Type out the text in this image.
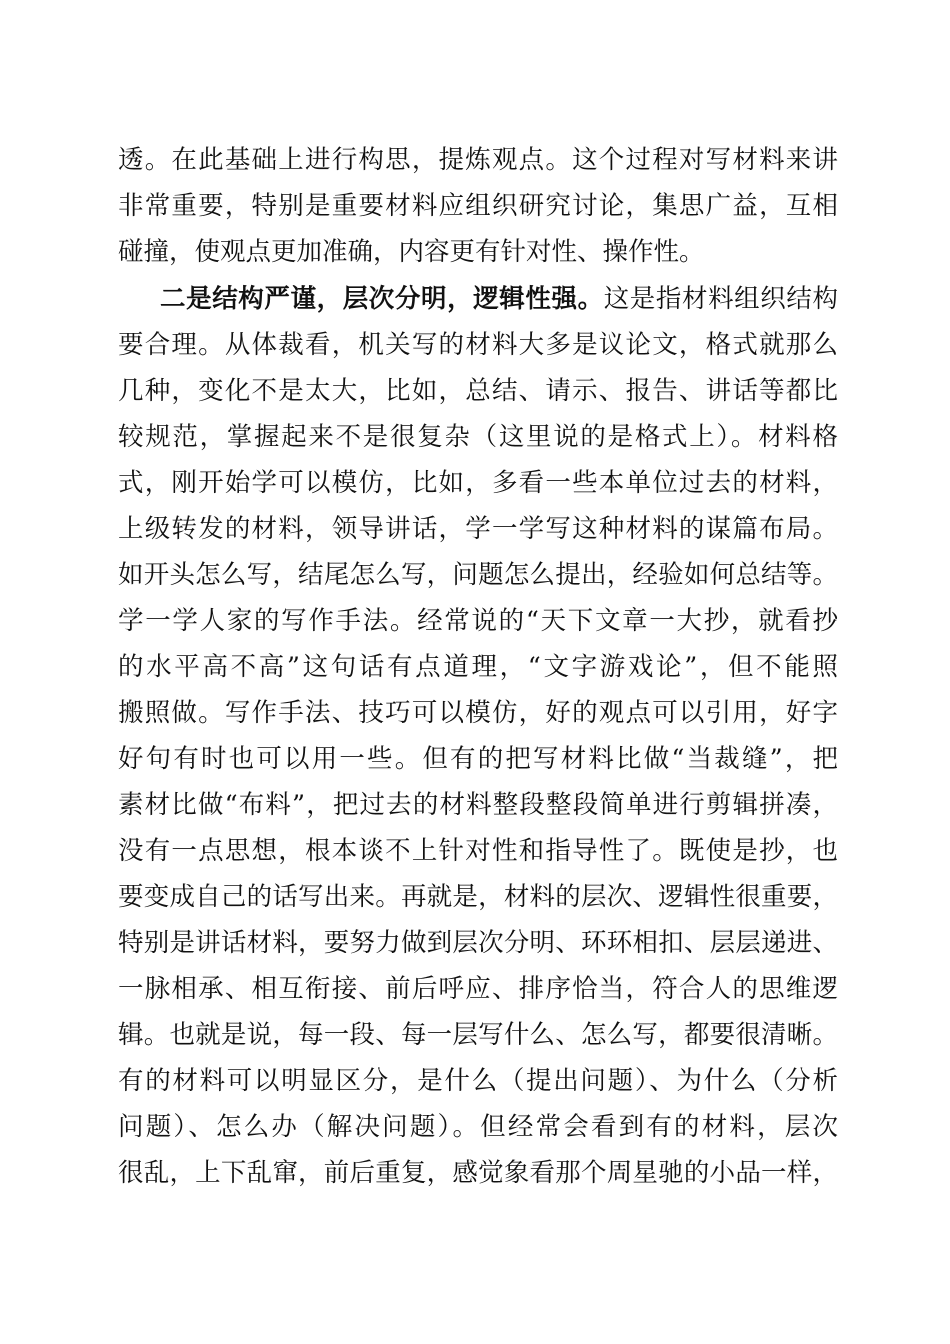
透。在此基础上进行构思，提炼观点。这个过程对写材料来讲
非常重要，特别是重要材料应组织研究讨论，集思广益，互相
碰撞，使观点更加准确，内容更有针对性、操作性。
二是结构严谨，层次分明，逻辑性强。这是指材料组织结构
要合理。从体裁看，机关写的材料大多是议论文，格式就那么
几种，变化不是太大，比如，总结、请示、报告、讲话等都比
较规范，掌握起来不是很复杂（这里说的是格式上）。材料格
式，刚开始学可以模仿，比如，多看一些本单位过去的材料，
上级转发的材料，领导讲话，学一学写这种材料的谋篇布局。
如开头怎么写，结尾怎么写，问题怎么提出，经验如何总结等。
学一学人家的写作手法。经常说的“天下文章一大抄，就看抄
的水平高不高”这句话有点道理，“文字游戏论”，但不能照
搬照做。写作手法、技巧可以模仿，好的观点可以引用，好字
好句有时也可以用一些。但有的把写材料比做“当裁缝”，把
素材比做“布料”，把过去的材料整段整段简单进行剪辑拼凑，
没有一点思想，根本谈不上针对性和指导性了。既使是抄，也
要变成自己的话写出来。再就是，材料的层次、逻辑性很重要，
特别是讲话材料，要努力做到层次分明、环环相扣、层层递进、
一脉相承、相互衔接、前后呼应、排序恰当，符合人的思维逻
辑。也就是说，每一段、每一层写什么、怎么写，都要很清晰。
有的材料可以明显区分，是什么（提出问题）、为什么（分析
问题）、怎么办（解决问题）。但经常会看到有的材料，层次
很乱，上下乱窜，前后重复，感觉象看那个周星驰的小品一样，
